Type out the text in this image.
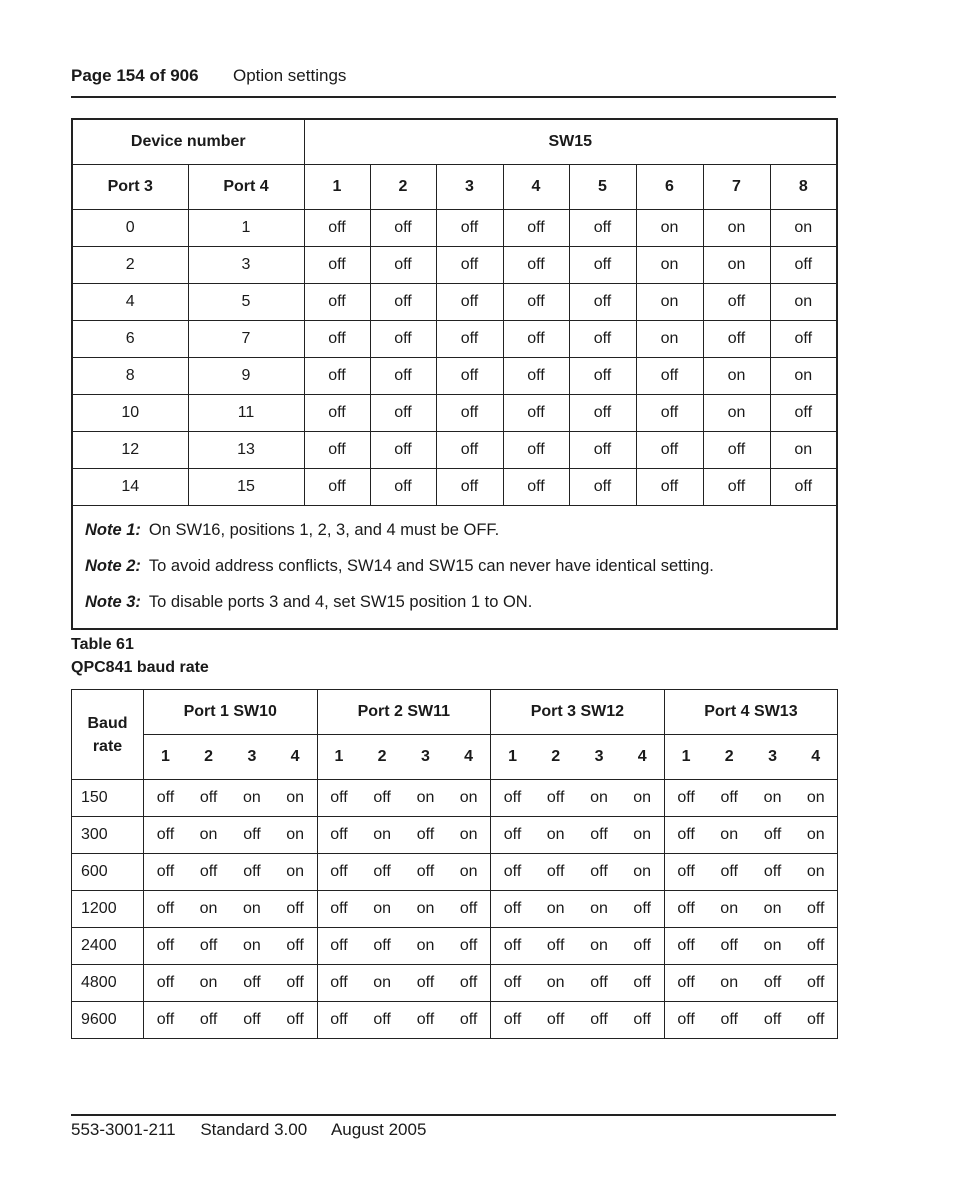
Page 154 of 906 Option settings
Device number		SW15							
Port 3	Port 4	1	2	3	4	5	6	7	8
0	1	off	off	off	off	off	on	on	on
2	3	off	off	off	off	off	on	on	off
4	5	off	off	off	off	off	on	off	on
6	7	off	off	off	off	off	on	off	off
8	9	off	off	off	off	off	off	on	on
10	11	off	off	off	off	off	off	on	off
12	13	off	off	off	off	off	off	off	on
14	15	off	off	off	off	off	off	off	off

Note 1: On SW16, positions 1, 2, 3, and 4 must be OFF.

Note 2: To avoid address conflicts, SW14 and SW15 can never have identical setting.

Note 3: To disable ports 3 and 4, set SW15 position 1 to ON.									

Table 61
QPC841 baud rate
Baud rate	Port 1 SW10				Port 2 SW11				Port 3 SW12				Port 4 SW13			
	1	2	3	4	1	2	3	4	1	2	3	4	1	2	3	4
150	off	off	on	on	off	off	on	on	off	off	on	on	off	off	on	on
300	off	on	off	on	off	on	off	on	off	on	off	on	off	on	off	on
600	off	off	off	on	off	off	off	on	off	off	off	on	off	off	off	on
1200	off	on	on	off	off	on	on	off	off	on	on	off	off	on	on	off
2400	off	off	on	off	off	off	on	off	off	off	on	off	off	off	on	off
4800	off	on	off	off	off	on	off	off	off	on	off	off	off	on	off	off
9600	off	off	off	off	off	off	off	off	off	off	off	off	off	off	off	off
553-3001-211 Standard 3.00 August 2005
